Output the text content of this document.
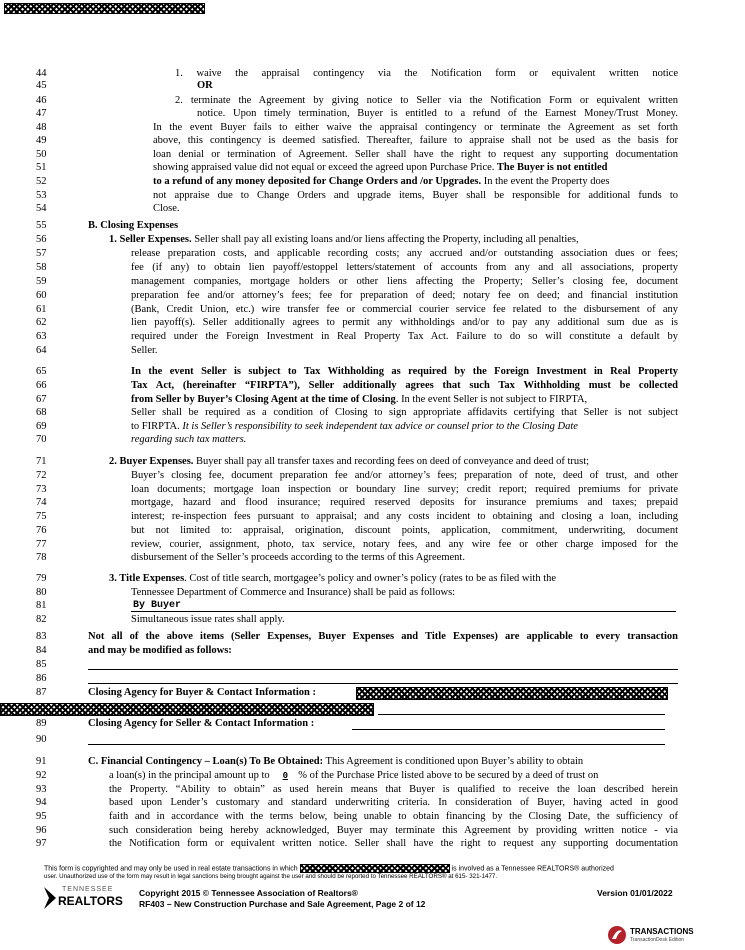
44
45
46
47
48
49
50
51
52
53
54
55
56
57
58
59
60
61
62
63
64
65
66
67
68
69
70
71
72
73
74
75
76
77
78
79
80
81
82
83
84
85
86
87
89
90
91
92
93
94
95
96
97
1. waive the appraisal contingency via the Notification form or equivalent written notice
OR
2. terminate the Agreement by giving notice to Seller via the Notification Form or equivalent written
notice. Upon timely termination, Buyer is entitled to a refund of the Earnest Money/Trust Money.
In the event Buyer fails to either waive the appraisal contingency or terminate the Agreement as set forth
above, this contingency is deemed satisfied. Thereafter, failure to appraise shall not be used as the basis for
loan denial or termination of Agreement. Seller shall have the right to request any supporting documentation
showing appraised value did not equal or exceed the agreed upon Purchase Price. The Buyer is not entitled
to a refund of any money deposited for Change Orders and /or Upgrades. In the event the Property does
not appraise due to Change Orders and upgrade items, Buyer shall be responsible for additional funds to
Close.
B. Closing Expenses
1. Seller Expenses. Seller shall pay all existing loans and/or liens affecting the Property, including all penalties,
release preparation costs, and applicable recording costs; any accrued and/or outstanding association dues or fees;
fee (if any) to obtain lien payoff/estoppel letters/statement of accounts from any and all associations, property
management companies, mortgage holders or other liens affecting the Property; Seller’s closing fee, document
preparation fee and/or attorney’s fees; fee for preparation of deed; notary fee on deed; and financial institution
(Bank, Credit Union, etc.) wire transfer fee or commercial courier service fee related to the disbursement of any
lien payoff(s). Seller additionally agrees to permit any withholdings and/or to pay any additional sum due as is
required under the Foreign Investment in Real Property Tax Act. Failure to do so will constitute a default by
Seller.
In the event Seller is subject to Tax Withholding as required by the Foreign Investment in Real Property
Tax Act, (hereinafter “FIRPTA”), Seller additionally agrees that such Tax Withholding must be collected
from Seller by Buyer’s Closing Agent at the time of Closing. In the event Seller is not subject to FIRPTA,
Seller shall be required as a condition of Closing to sign appropriate affidavits certifying that Seller is not subject
to FIRPTA. It is Seller’s responsibility to seek independent tax advice or counsel prior to the Closing Date
regarding such tax matters.
2. Buyer Expenses. Buyer shall pay all transfer taxes and recording fees on deed of conveyance and deed of trust;
Buyer’s closing fee, document preparation fee and/or attorney’s fees; preparation of note, deed of trust, and other
loan documents; mortgage loan inspection or boundary line survey; credit report; required premiums for private
mortgage, hazard and flood insurance; required reserved deposits for insurance premiums and taxes; prepaid
interest; re-inspection fees pursuant to appraisal; and any costs incident to obtaining and closing a loan, including
but not limited to: appraisal, origination, discount points, application, commitment, underwriting, document
review, courier, assignment, photo, tax service, notary fees, and any wire fee or other charge imposed for the
disbursement of the Seller’s proceeds according to the terms of this Agreement.
3. Title Expenses. Cost of title search, mortgagee’s policy and owner’s policy (rates to be as filed with the
Tennessee Department of Commerce and Insurance) shall be paid as follows:
By Buyer
Simultaneous issue rates shall apply.
Not all of the above items (Seller Expenses, Buyer Expenses and Title Expenses) are applicable to every transaction
and may be modified as follows:
Closing Agency for Buyer & Contact Information :
Closing Agency for Seller & Contact Information :
C. Financial Contingency – Loan(s) To Be Obtained: This Agreement is conditioned upon Buyer’s ability to obtain
a loan(s) in the principal amount up to 0 % of the Purchase Price listed above to be secured by a deed of trust on
the Property. “Ability to obtain” as used herein means that Buyer is qualified to receive the loan described herein
based upon Lender’s customary and standard underwriting criteria. In consideration of Buyer, having acted in good
faith and in accordance with the terms below, being unable to obtain financing by the Closing Date, the sufficiency of
such consideration being hereby acknowledged, Buyer may terminate this Agreement by providing written notice - via
the Notification form or equivalent written notice. Seller shall have the right to request any supporting documentation
This form is copyrighted and may only be used in real estate transactions in which	is involved as a Tennessee REALTORS® authorized
user. Unauthorized use of the form may result in legal sanctions being brought against the user and should be reported to Tennessee REALTORS® at 615- 321-1477.
TENNESSEE
REALTORS
Copyright 2015 © Tennessee Association of Realtors®
RF403 – New Construction Purchase and Sale Agreement, Page 2 of 12
Version 01/01/2022
TRANSACTIONS
TransactionDesk Edition
